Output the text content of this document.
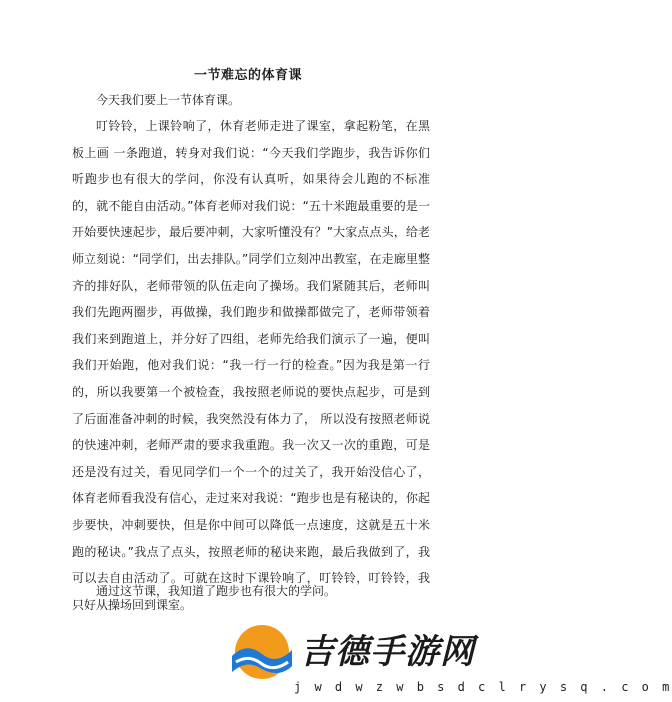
一节难忘的体育课

今天我们要上一节体育课。

叮铃铃，上课铃响了，休育老师走进了课室，拿起粉笔，在黑板上画 一条跑道，转身对我们说：“今天我们学跑步，我告诉你们听跑步也有很大的学问，你没有认真听，如果待会儿跑的不标准的，就不能自由活动。”体育老师对我们说：“五十米跑最重要的是一开始要快速起步，最后要冲刺，大家听懂没有？”大家点点头，给老师立刻说：“同学们，出去排队。”同学们立刻冲出教室，在走廊里整齐的排好队，老师带领的队伍走向了操场。我们紧随其后，老师叫我们先跑两圈步，再做操，我们跑步和做操都做完了，老师带领着我们来到跑道上，并分好了四组，老师先给我们演示了一遍，便叫我们开始跑，他对我们说：“我一行一行的检查。”因为我是第一行的，所以我要第一个被检查，我按照老师说的要快点起步，可是到了后面准备冲刺的时候，我突然没有体力了， 所以没有按照老师说的快速冲刺，老师严肃的要求我重跑。我一次又一次的重跑，可是还是没有过关，看见同学们一个一个的过关了，我开始没信心了，体育老师看我没有信心，走过来对我说：“跑步也是有秘诀的，你起步要快，冲刺要快，但是你中间可以降低一点速度，这就是五十米跑的秘诀。”我点了点头，按照老师的秘诀来跑，最后我做到了，我可以去自由活动了。可就在这时下课铃响了，叮铃铃，叮铃铃，我只好从操场回到课室。

通过这节课，我知道了跑步也有很大的学问。

吉德手游网
j w d w z w b s d c l r y s q . c o m
